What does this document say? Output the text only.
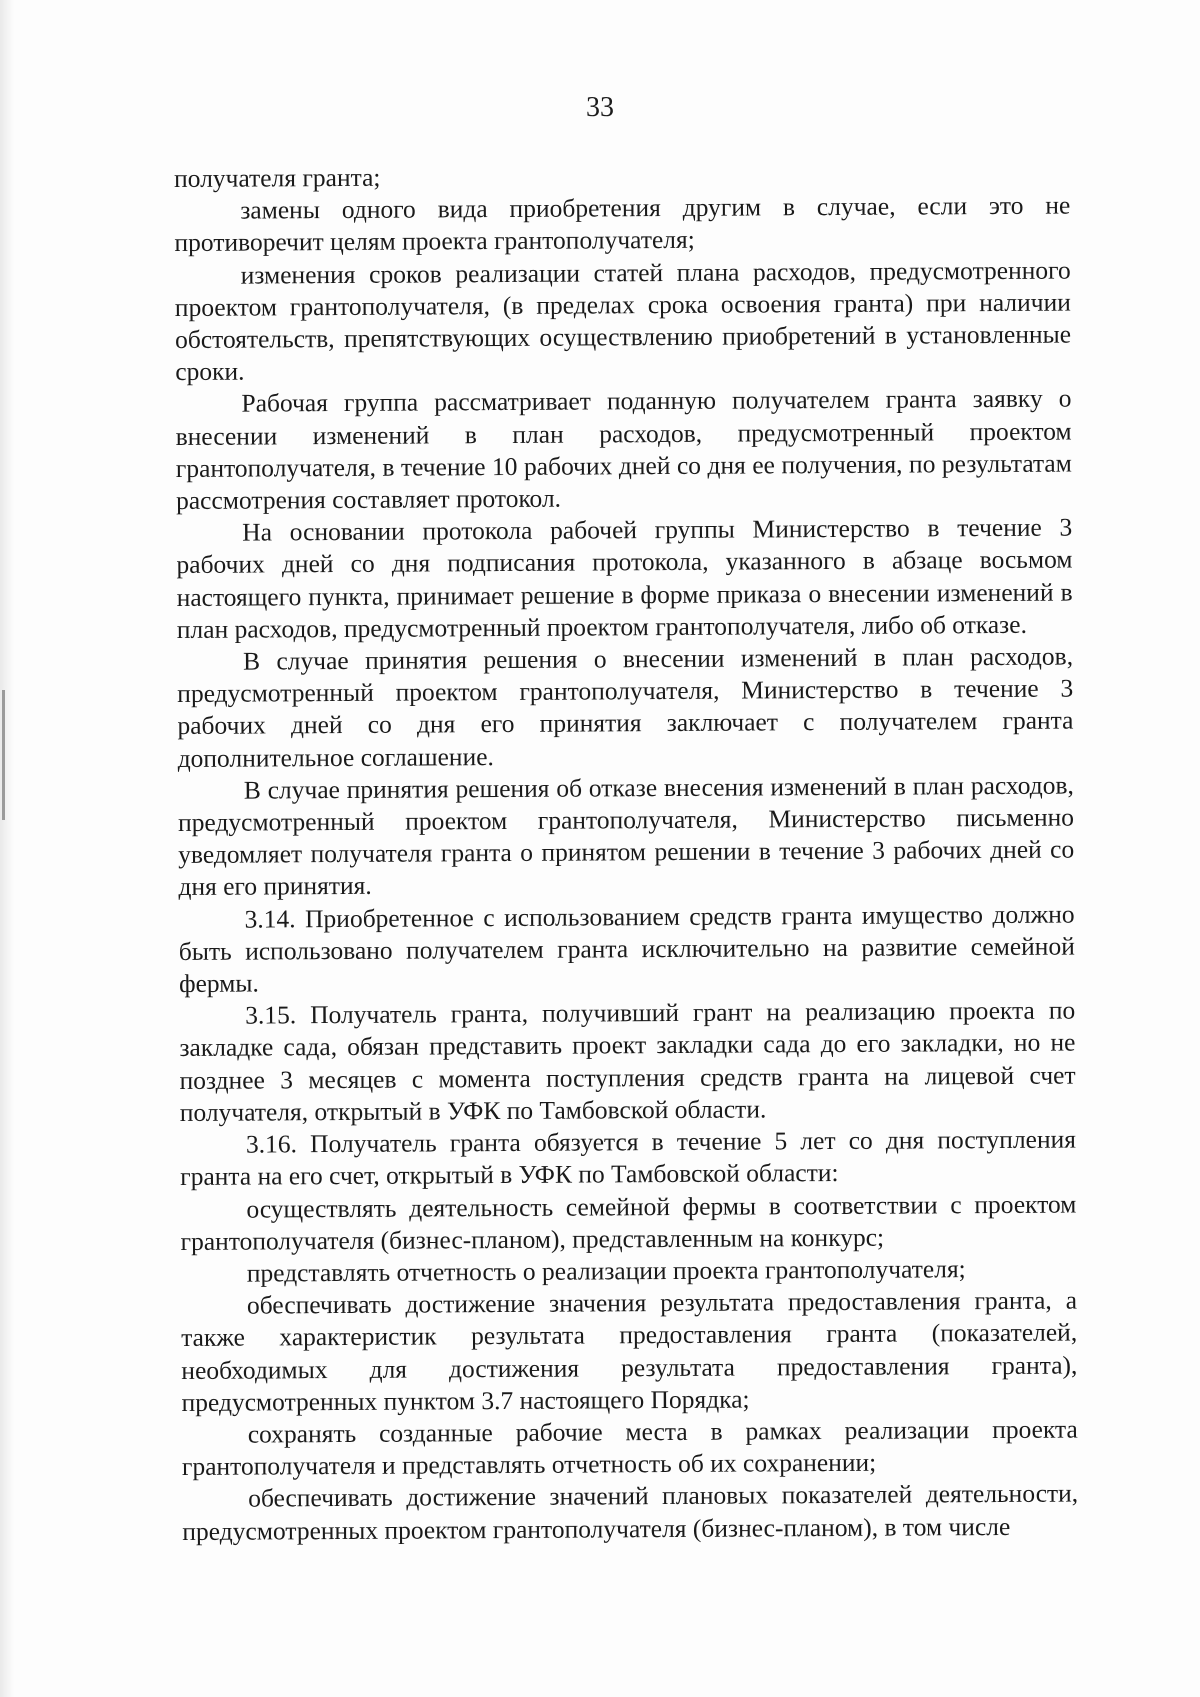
33

получателя гранта;

замены одного вида приобретения другим в случае, если это не противоречит целям проекта грантополучателя;

изменения сроков реализации статей плана расходов, предусмотренного проектом грантополучателя, (в пределах срока освоения гранта) при наличии обстоятельств, препятствующих осуществлению приобретений в установленные сроки.

Рабочая группа рассматривает поданную получателем гранта заявку о внесении изменений в план расходов, предусмотренный проектом грантополучателя, в течение 10 рабочих дней со дня ее получения, по результатам рассмотрения составляет протокол.

На основании протокола рабочей группы Министерство в течение 3 рабочих дней со дня подписания протокола, указанного в абзаце восьмом настоящего пункта, принимает решение в форме приказа о внесении изменений в план расходов, предусмотренный проектом грантополучателя, либо об отказе.

В случае принятия решения о внесении изменений в план расходов, предусмотренный проектом грантополучателя, Министерство в течение 3 рабочих дней со дня его принятия заключает с получателем гранта дополнительное соглашение.

В случае принятия решения об отказе внесения изменений в план расходов, предусмотренный проектом грантополучателя, Министерство письменно уведомляет получателя гранта о принятом решении в течение 3 рабочих дней со дня его принятия.

3.14. Приобретенное с использованием средств гранта имущество должно быть использовано получателем гранта исключительно на развитие семейной фермы.

3.15. Получатель гранта, получивший грант на реализацию проекта по закладке сада, обязан представить проект закладки сада до его закладки, но не позднее 3 месяцев с момента поступления средств гранта на лицевой счет получателя, открытый в УФК по Тамбовской области.

3.16. Получатель гранта обязуется в течение 5 лет со дня поступления гранта на его счет, открытый в УФК по Тамбовской области:

осуществлять деятельность семейной фермы в соответствии с проектом грантополучателя (бизнес-планом), представленным на конкурс;

представлять отчетность о реализации проекта грантополучателя;

обеспечивать достижение значения результата предоставления гранта, а также характеристик результата предоставления гранта (показателей, необходимых для достижения результата предоставления гранта), предусмотренных пунктом 3.7 настоящего Порядка;

сохранять созданные рабочие места в рамках реализации проекта грантополучателя и представлять отчетность об их сохранении;

обеспечивать достижение значений плановых показателей деятельности, предусмотренных проектом грантополучателя (бизнес-планом), в том числе
